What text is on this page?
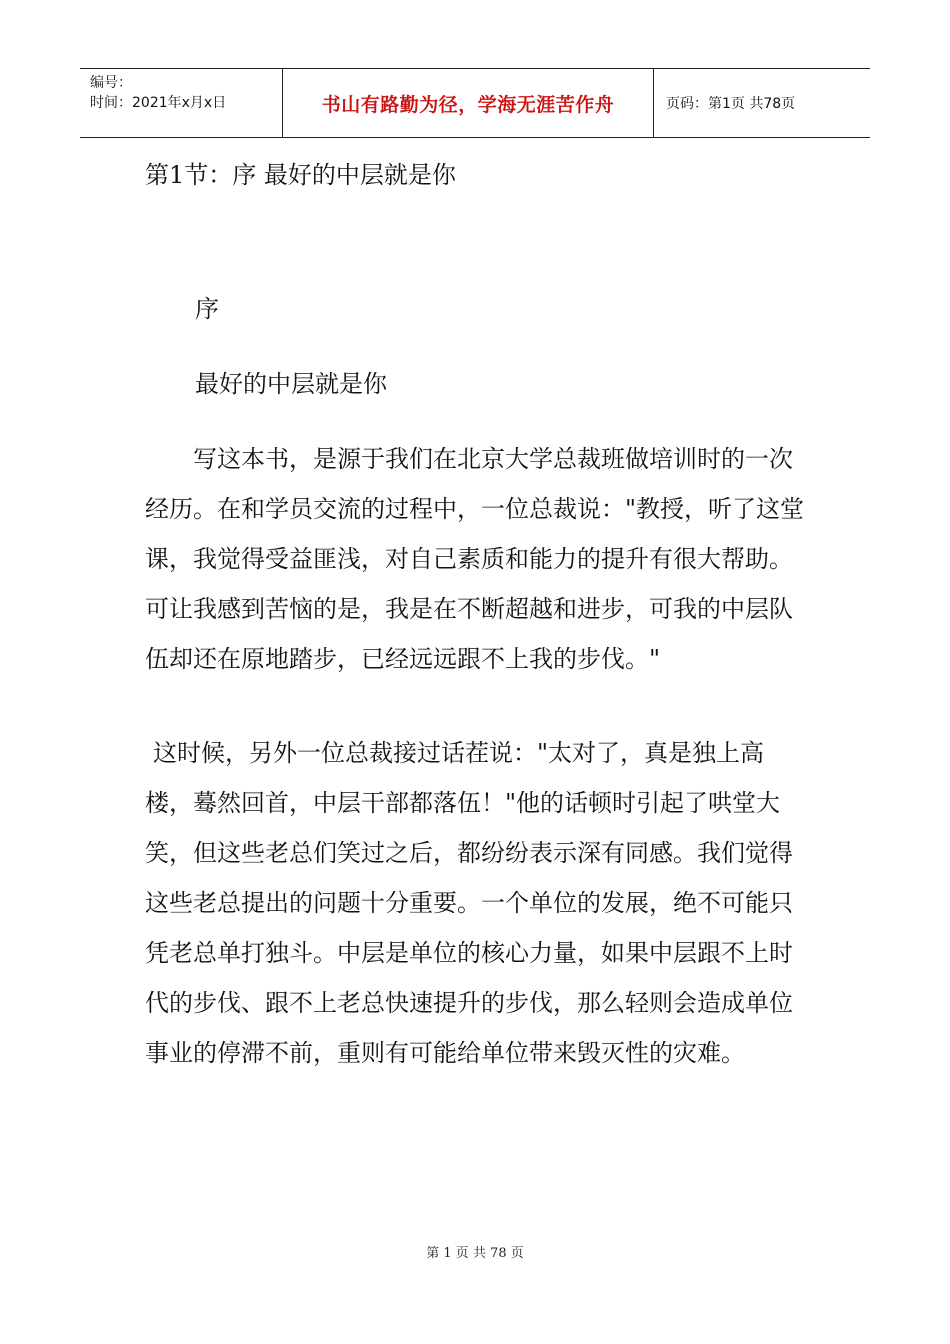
编号：
时间：2021年x月x日	书山有路勤为径，学海无涯苦作舟	页码：第1页 共78页
第1节：序 最好的中层就是你

序

最好的中层就是你

写这本书，是源于我们在北京大学总裁班做培训时的一次经历。在和学员交流的过程中，一位总裁说："教授，听了这堂课，我觉得受益匪浅，对自己素质和能力的提升有很大帮助。可让我感到苦恼的是，我是在不断超越和进步，可我的中层队伍却还在原地踏步，已经远远跟不上我的步伐。"

这时候，另外一位总裁接过话茬说："太对了，真是独上高楼，蓦然回首，中层干部都落伍！"他的话顿时引起了哄堂大笑，但这些老总们笑过之后，都纷纷表示深有同感。我们觉得这些老总提出的问题十分重要。一个单位的发展，绝不可能只凭老总单打独斗。中层是单位的核心力量，如果中层跟不上时代的步伐、跟不上老总快速提升的步伐，那么轻则会造成单位事业的停滞不前，重则有可能给单位带来毁灭性的灾难。

第 1 页 共 78 页
